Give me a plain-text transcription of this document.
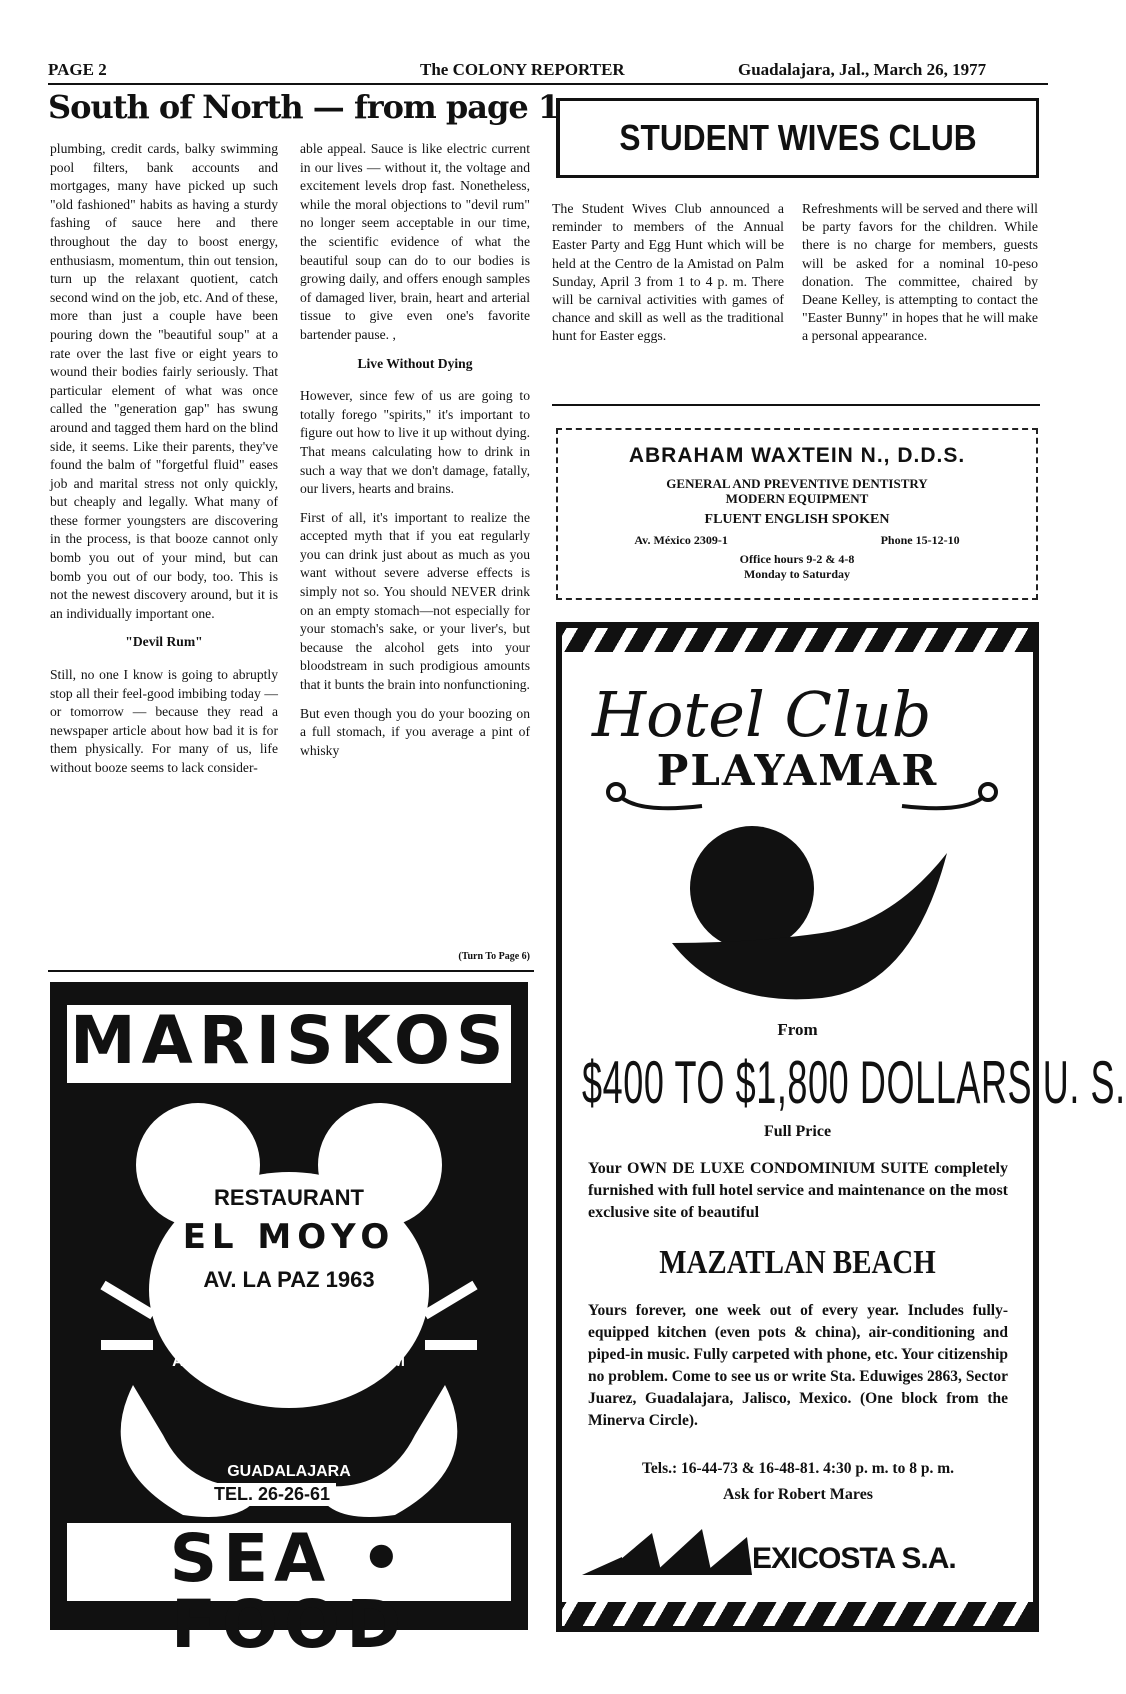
PAGE 2	The COLONY REPORTER	Guadalajara, Jal., March 26, 1977
South of North — from page 1

plumbing, credit cards, balky swimming pool filters, bank accounts and mortgages, many have picked up such "old fashioned" habits as having a sturdy fashing of sauce here and there throughout the day to boost energy, enthusiasm, momentum, thin out tension, turn up the relaxant quotient, catch second wind on the job, etc. And of these, more than just a couple have been pouring down the "beautiful soup" at a rate over the last five or eight years to wound their bodies fairly seriously. That particular element of what was once called the "generation gap" has swung around and tagged them hard on the blind side, it seems. Like their parents, they've found the balm of "forgetful fluid" eases job and marital stress not only quickly, but cheaply and legally. What many of these former youngsters are discovering in the process, is that booze cannot only bomb you out of your mind, but can bomb you out of our body, too. This is not the newest discovery around, but it is an individually important one.

"Devil Rum"

Still, no one I know is going to abruptly stop all their feel-good imbibing today — or tomorrow — because they read a newspaper article about how bad it is for them physically. For many of us, life without booze seems to lack consider-

able appeal. Sauce is like electric current in our lives — without it, the voltage and excitement levels drop fast. Nonetheless, while the moral objections to "devil rum" no longer seem acceptable in our time, the scientific evidence of what the beautiful soup can do to our bodies is growing daily, and offers enough samples of damaged liver, brain, heart and arterial tissue to give even one's favorite bartender pause. ,

Live Without Dying

However, since few of us are going to totally forego "spirits," it's important to figure out how to live it up without dying. That means calculating how to drink in such a way that we don't damage, fatally, our livers, hearts and brains.

First of all, it's important to realize the accepted myth that if you eat regularly you can drink just about as much as you want without severe adverse effects is simply not so. You should NEVER drink on an empty stomach—not especially for your stomach's sake, or your liver's, but because the alcohol gets into your bloodstream in such prodigious amounts that it bunts the brain into nonfunctioning.

But even though you do your boozing on a full stomach, if you average a pint of whisky

(Turn To Page 6)
STUDENT WIVES CLUB
The Student Wives Club announced a reminder to members of the Annual Easter Party and Egg Hunt which will be held at the Centro de la Amistad on Palm Sunday, April 3 from 1 to 4 p. m. There will be carnival activities with games of chance and skill as well as the traditional hunt for Easter eggs.
Refreshments will be served and there will be party favors for the children. While there is no charge for members, guests will be asked for a nominal 10-peso donation. The committee, chaired by Deane Kelley, is attempting to contact the "Easter Bunny" in hopes that he will make a personal appearance.
ABRAHAM WAXTEIN N., D.D.S.
GENERAL AND PREVENTIVE DENTISTRY
MODERN EQUIPMENT
FLUENT ENGLISH SPOKEN
Av. México 2309-1	Phone 15-12-10
Office hours 9-2 & 4-8
Monday to Saturday
Hotel Club
PLAYAMAR
From
$400 TO $1,800 DOLLARS U. S.
Full Price
Your OWN DE LUXE CONDOMINIUM SUITE completely furnished with full hotel service and maintenance on the most exclusive site of beautiful
MAZATLAN BEACH
Yours forever, one week out of every year. Includes fully-equipped kitchen (even pots & china), air-conditioning and piped-in music. Fully carpeted with phone, etc. Your citizenship no problem. Come to see us or write Sta. Eduwiges 2863, Sector Juarez, Guadalajara, Jalisco, Mexico. (One block from the Minerva Circle).
Tels.: 16-44-73 & 16-48-81. 4:30 p. m. to 8 p. m.
Ask for Robert Mares
EXICOSTA S.A.
MARISKOS
RESTAURANT
EL MOYO
AV. LA PAZ 1963
ABIERTO de 12 AM a 12 PM
GUADALAJARA
TEL. 26-26-61
SEA • FOOD
